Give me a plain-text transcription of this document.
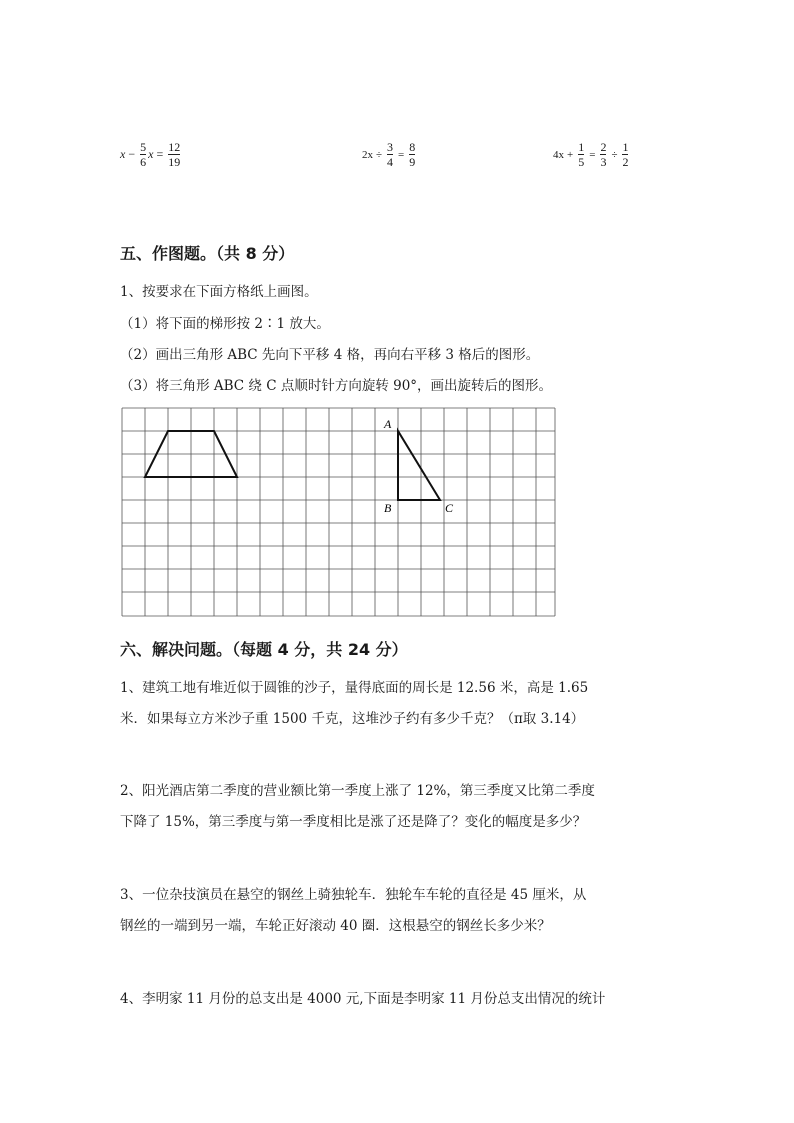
$x - \frac{5}{6}$ $x = \frac{12}{19}$	$2x \div \frac{3}{4} = \frac{8}{9}$	$4x + \frac{1}{5} = \frac{2}{3} \div \frac{1}{2}$
五、作图题。（共 8 分）
1、按要求在下面方格纸上画图。
（1）将下面的梯形按 2∶1 放大。
（2）画出三角形 ABC 先向下平移 4 格，再向右平移 3 格后的图形。
（3）将三角形 ABC 绕 C 点顺时针方向旋转 90°，画出旋转后的图形。
A
B	C
六、解决问题。（每题 4 分，共 24 分）
1、建筑工地有堆近似于圆锥的沙子，量得底面的周长是 12.56 米，高是 1.65
米．如果每立方米沙子重 1500 千克，这堆沙子约有多少千克？（π取 3.14）
2、阳光酒店第二季度的营业额比第一季度上涨了 12%，第三季度又比第二季度
下降了 15%，第三季度与第一季度相比是涨了还是降了？变化的幅度是多少？
3、一位杂技演员在悬空的钢丝上骑独轮车．独轮车车轮的直径是 45 厘米，从
钢丝的一端到另一端，车轮正好滚动 40 圈．这根悬空的钢丝长多少米？
4、李明家 11 月份的总支出是 4000 元,下面是李明家 11 月份总支出情况的统计
